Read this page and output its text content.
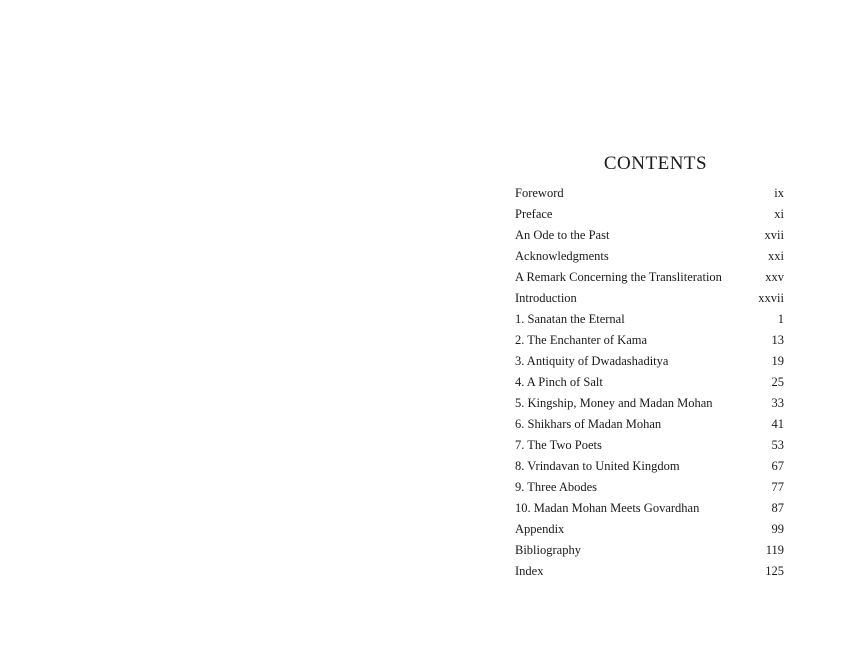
CONTENTS
Foreword	ix
Preface	xi
An Ode to the Past	xvii
Acknowledgments	xxi
A Remark Concerning the Transliteration	xxv
Introduction	xxvii
1. Sanatan the Eternal	1
2. The Enchanter of Kama	13
3. Antiquity of Dwadashaditya	19
4. A Pinch of Salt	25
5. Kingship, Money and Madan Mohan	33
6. Shikhars of Madan Mohan	41
7. The Two Poets	53
8. Vrindavan to United Kingdom	67
9. Three Abodes	77
10. Madan Mohan Meets Govardhan	87
Appendix	99
Bibliography	119
Index	125
